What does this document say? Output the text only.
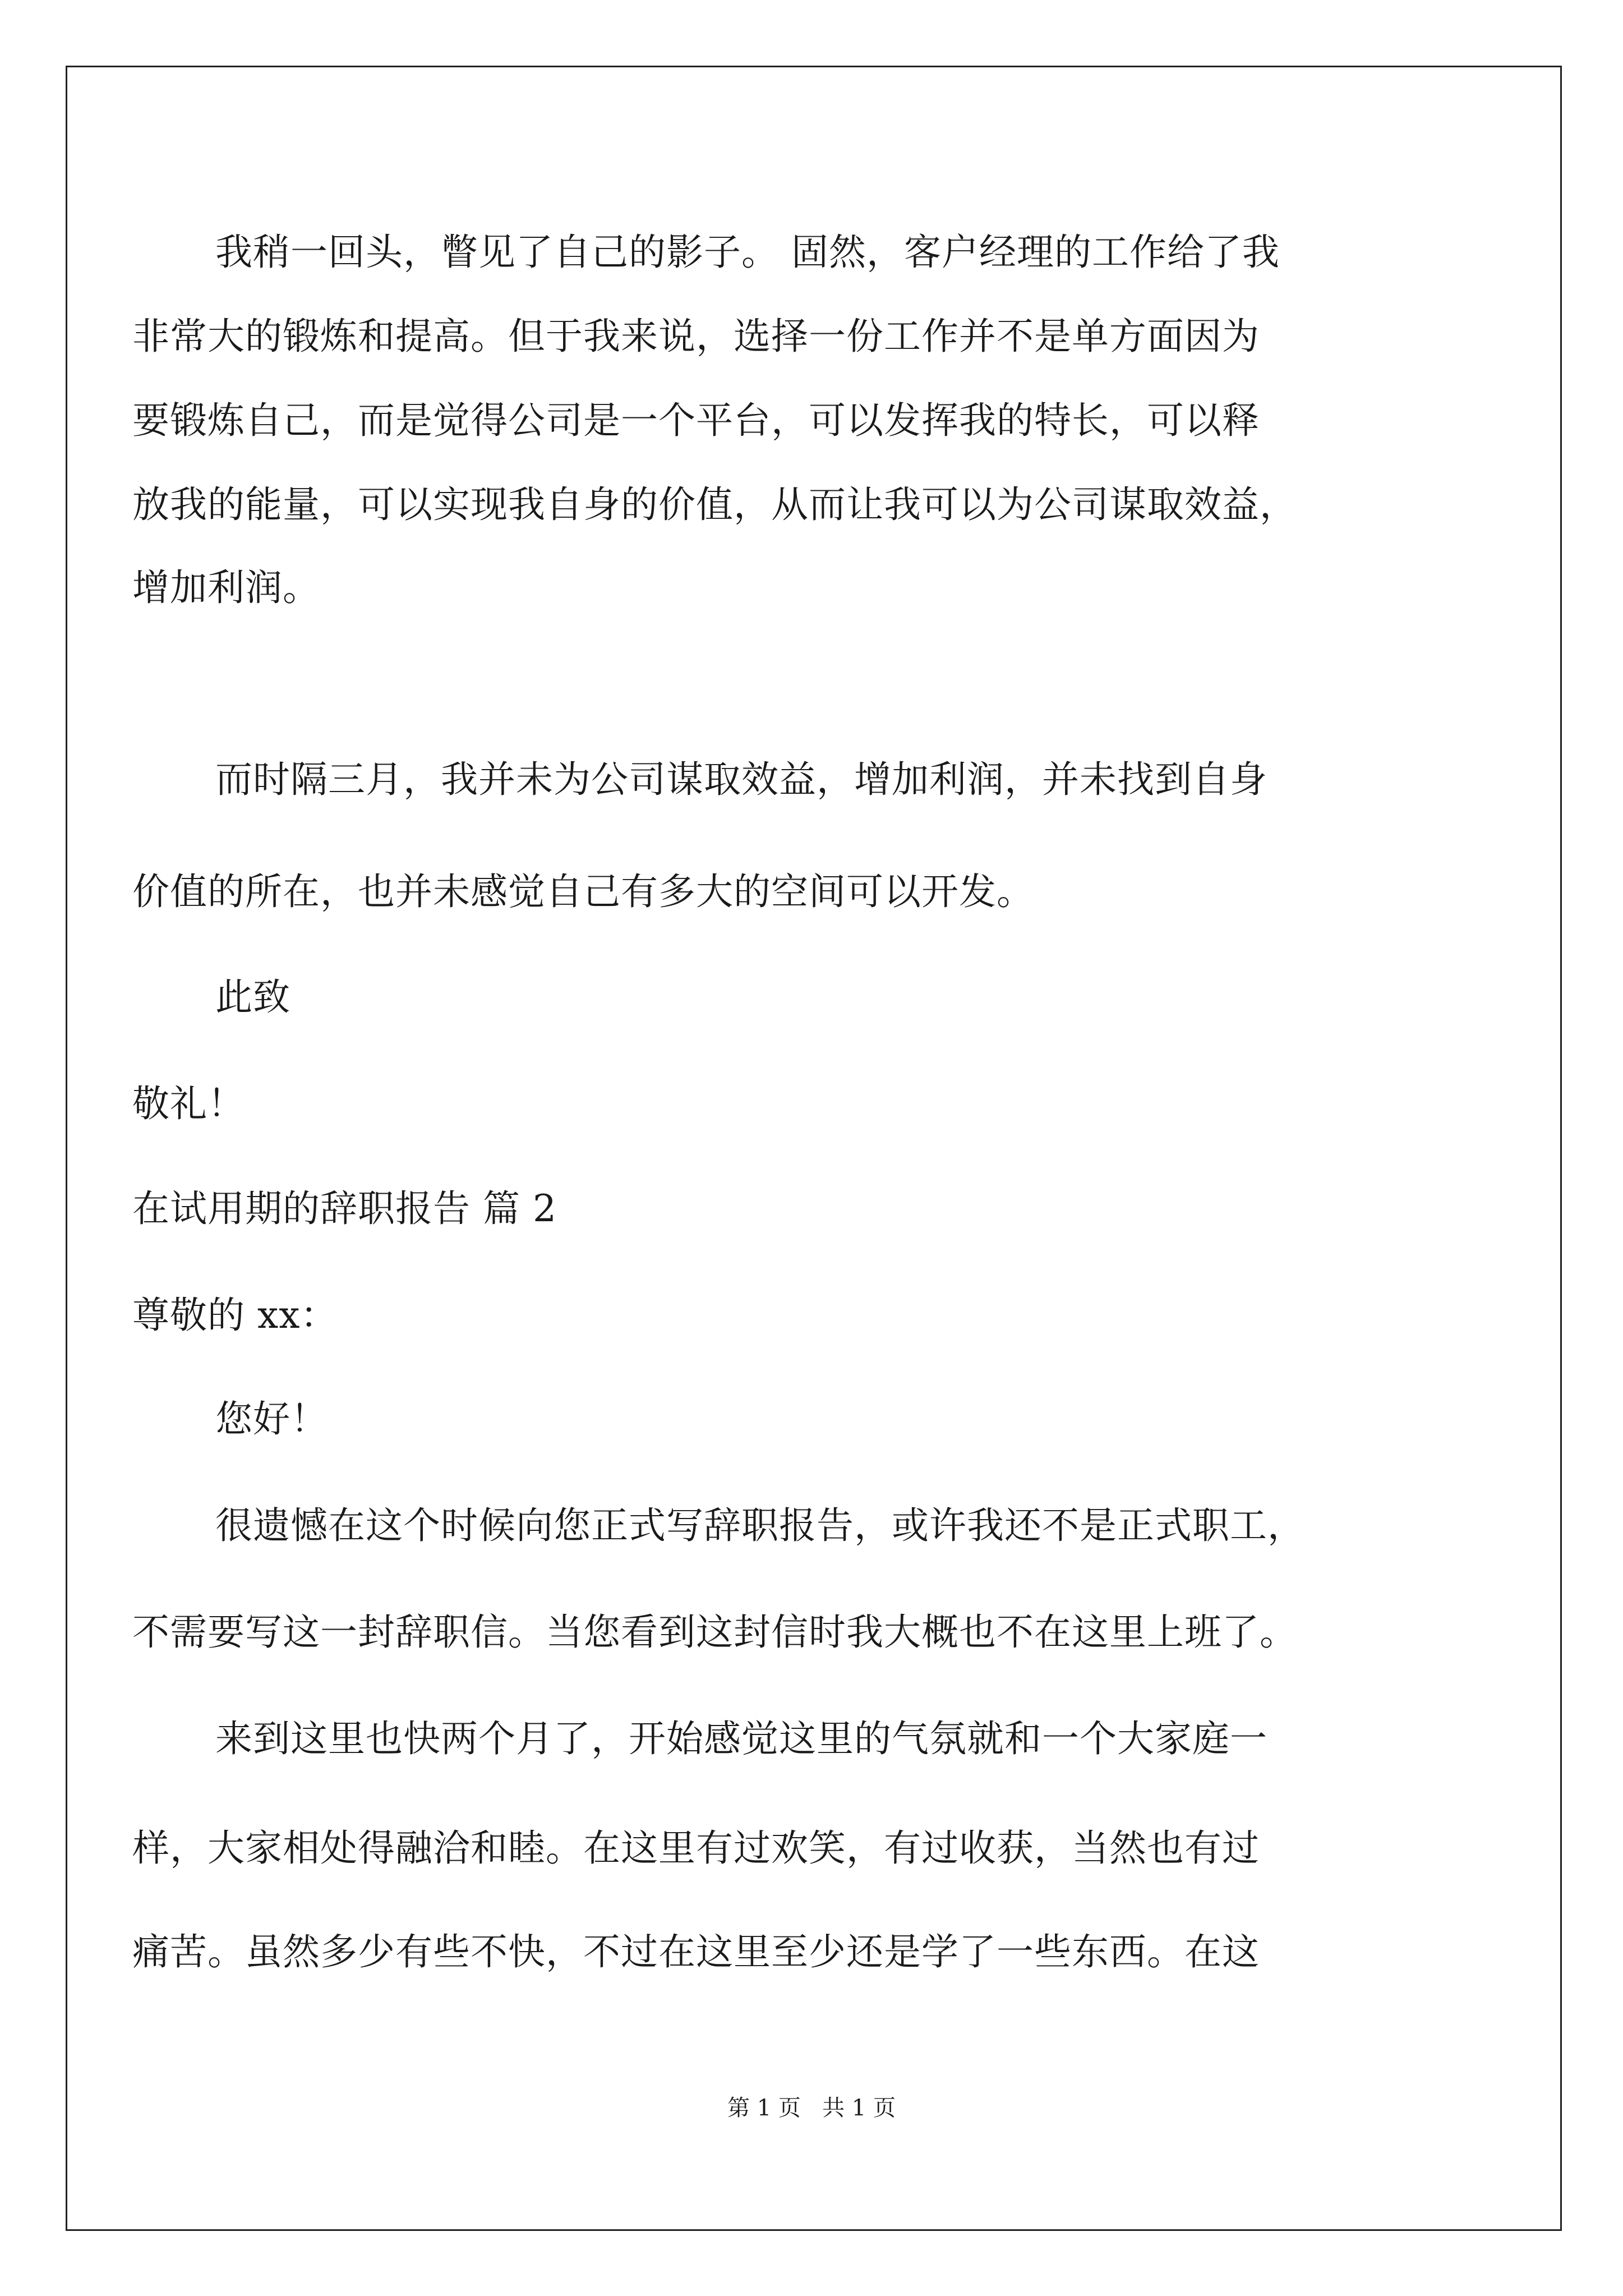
我稍一回头，瞥见了自己的影子。 固然，客户经理的工作给了我
非常大的锻炼和提高。但于我来说，选择一份工作并不是单方面因为
要锻炼自己，而是觉得公司是一个平台，可以发挥我的特长，可以释
放我的能量，可以实现我自身的价值，从而让我可以为公司谋取效益，
增加利润。
而时隔三月，我并未为公司谋取效益，增加利润，并未找到自身
价值的所在，也并未感觉自己有多大的空间可以开发。
此致
敬礼！
在试用期的辞职报告 篇 2
尊敬的 xx：
您好！
很遗憾在这个时候向您正式写辞职报告，或许我还不是正式职工，
不需要写这一封辞职信。当您看到这封信时我大概也不在这里上班了。
来到这里也快两个月了，开始感觉这里的气氛就和一个大家庭一
样，大家相处得融洽和睦。在这里有过欢笑，有过收获，当然也有过
痛苦。虽然多少有些不快，不过在这里至少还是学了一些东西。在这
第 1 页   共 1 页
